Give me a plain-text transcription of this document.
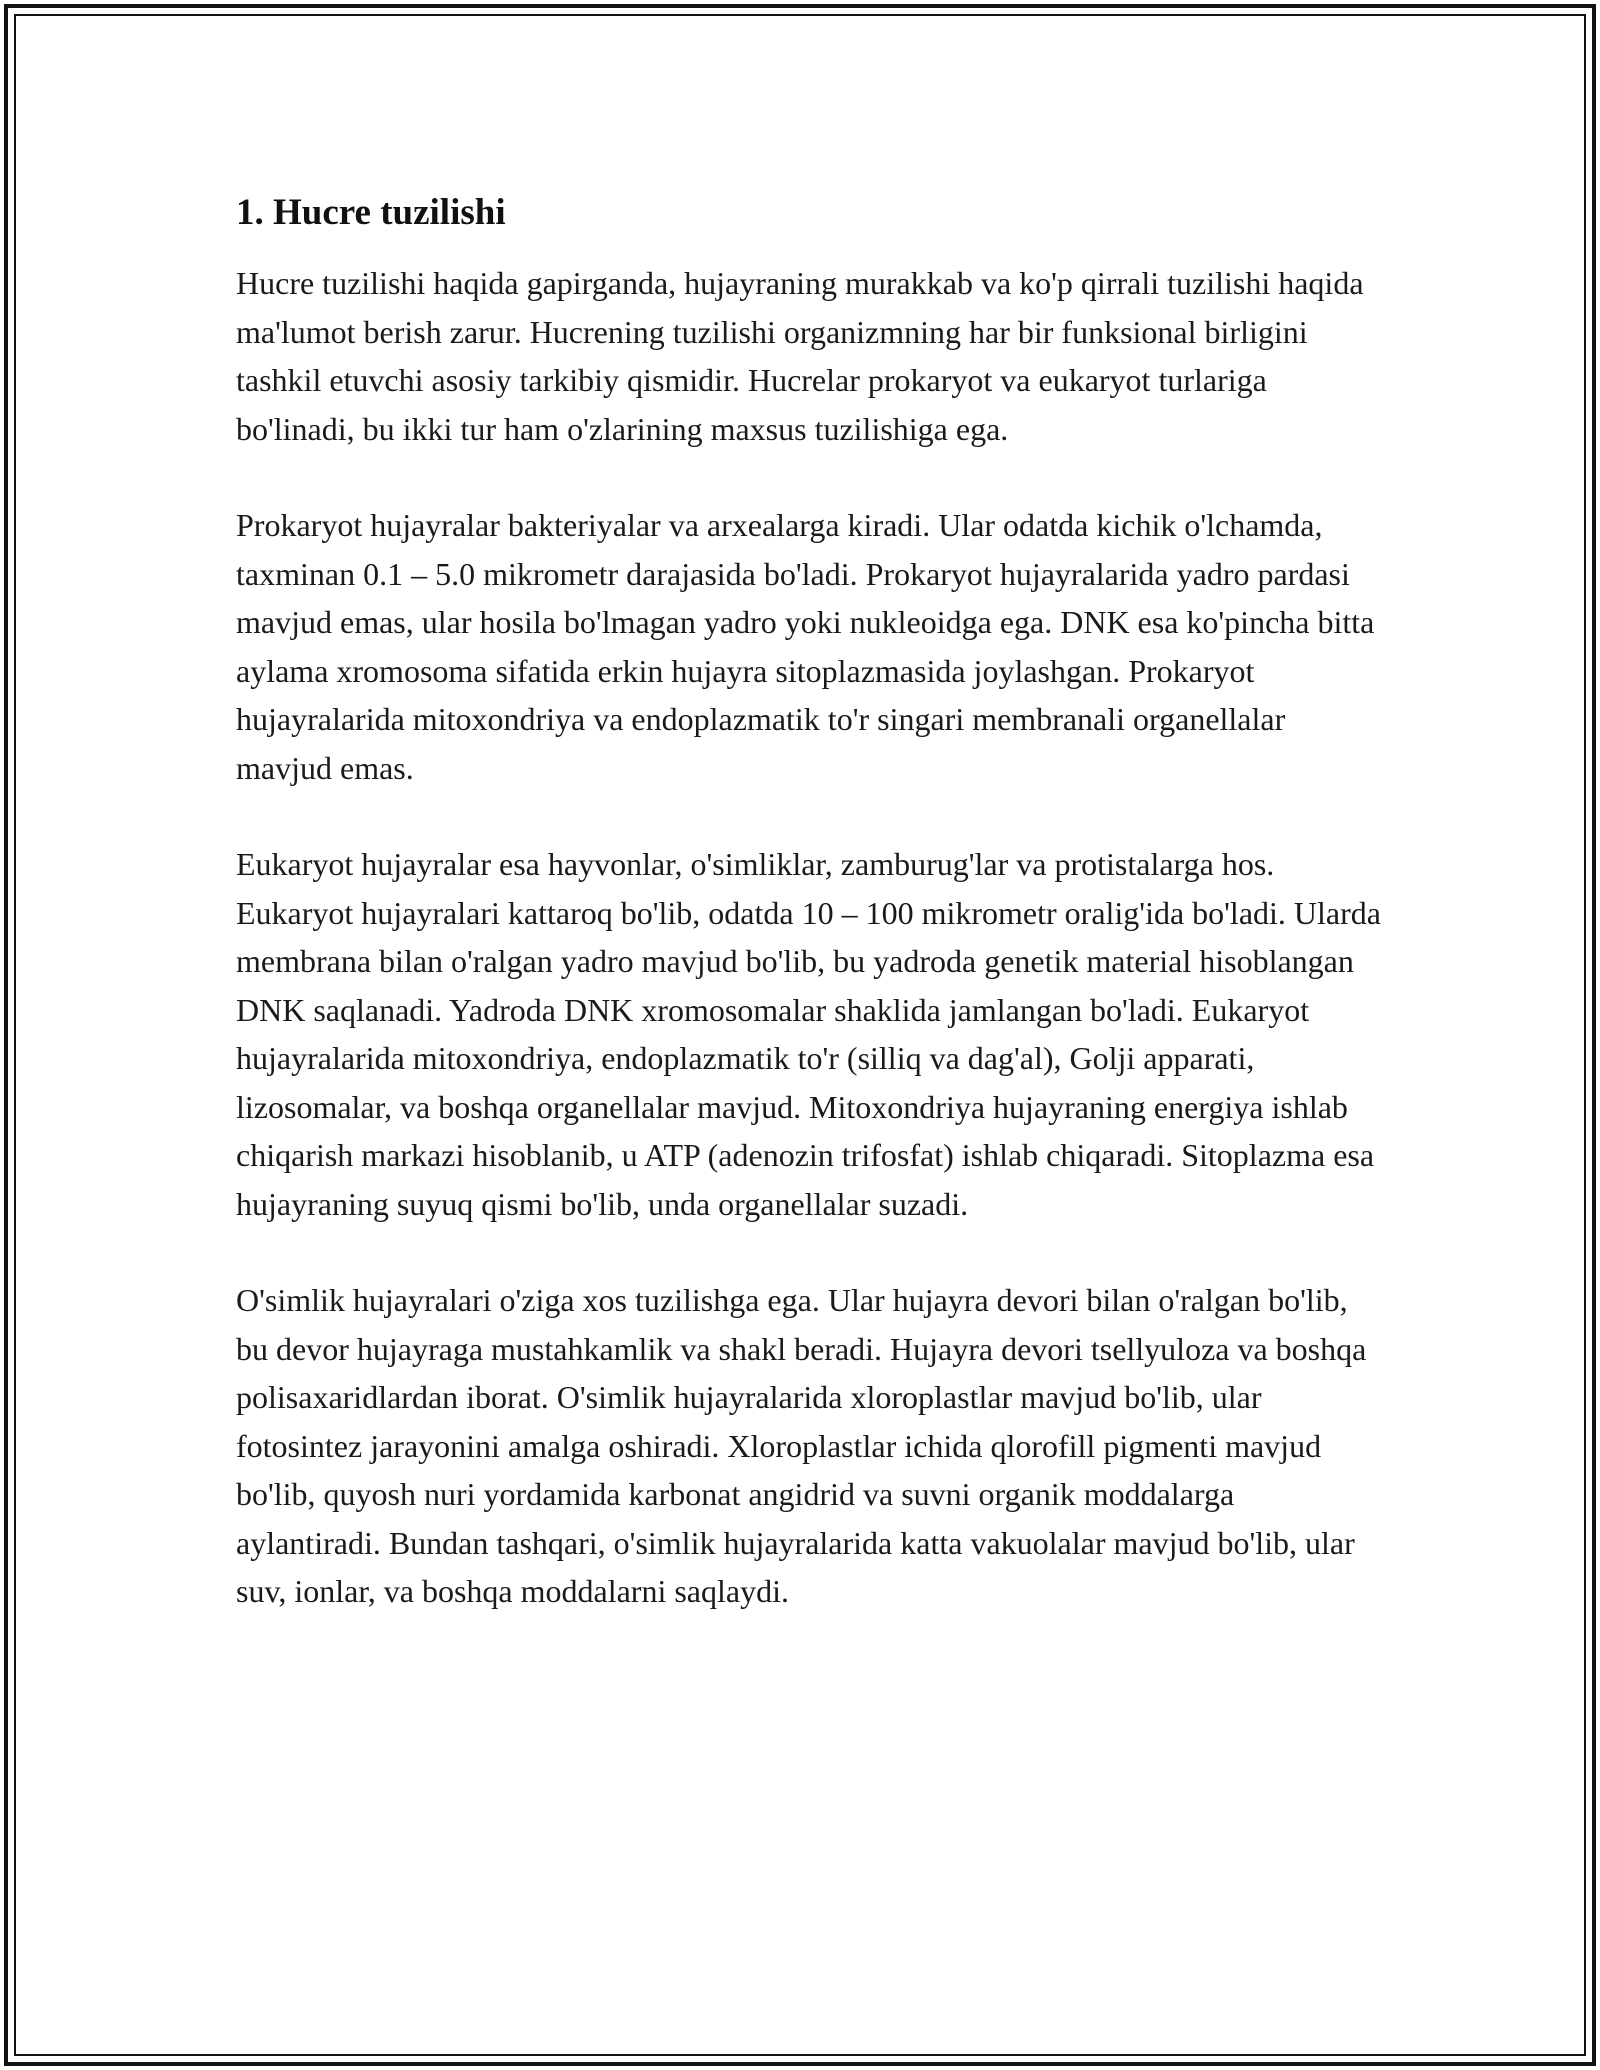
1. Hucre tuzilishi

Hucre tuzilishi haqida gapirganda, hujayraning murakkab va ko'p qirrali tuzilishi haqida ma'lumot berish zarur. Hucrening tuzilishi organizmning har bir funksional birligini tashkil etuvchi asosiy tarkibiy qismidir. Hucrelar prokaryot va eukaryot turlariga bo'linadi, bu ikki tur ham o'zlarining maxsus tuzilishiga ega.

Prokaryot hujayralar bakteriyalar va arxealarga kiradi. Ular odatda kichik o'lchamda, taxminan 0.1 – 5.0 mikrometr darajasida bo'ladi. Prokaryot hujayralarida yadro pardasi mavjud emas, ular hosila bo'lmagan yadro yoki nukleoidga ega. DNK esa ko'pincha bitta aylama xromosoma sifatida erkin hujayra sitoplazmasida joylashgan. Prokaryot hujayralarida mitoxondriya va endoplazmatik to'r singari membranali organellalar mavjud emas.

Eukaryot hujayralar esa hayvonlar, o'simliklar, zamburug'lar va protistalarga hos. Eukaryot hujayralari kattaroq bo'lib, odatda 10 – 100 mikrometr oralig'ida bo'ladi. Ularda membrana bilan o'ralgan yadro mavjud bo'lib, bu yadroda genetik material hisoblangan DNK saqlanadi. Yadroda DNK xromosomalar shaklida jamlangan bo'ladi. Eukaryot hujayralarida mitoxondriya, endoplazmatik to'r (silliq va dag'al), Golji apparati, lizosomalar, va boshqa organellalar mavjud. Mitoxondriya hujayraning energiya ishlab chiqarish markazi hisoblanib, u ATP (adenozin trifosfat) ishlab chiqaradi. Sitoplazma esa hujayraning suyuq qismi bo'lib, unda organellalar suzadi.

O'simlik hujayralari o'ziga xos tuzilishga ega. Ular hujayra devori bilan o'ralgan bo'lib, bu devor hujayraga mustahkamlik va shakl beradi. Hujayra devori tsellyuloza va boshqa polisaxaridlardan iborat. O'simlik hujayralarida xloroplastlar mavjud bo'lib, ular fotosintez jarayonini amalga oshiradi. Xloroplastlar ichida qlorofill pigmenti mavjud bo'lib, quyosh nuri yordamida karbonat angidrid va suvni organik moddalarga aylantiradi. Bundan tashqari, o'simlik hujayralarida katta vakuolalar mavjud bo'lib, ular suv, ionlar, va boshqa moddalarni saqlaydi.
